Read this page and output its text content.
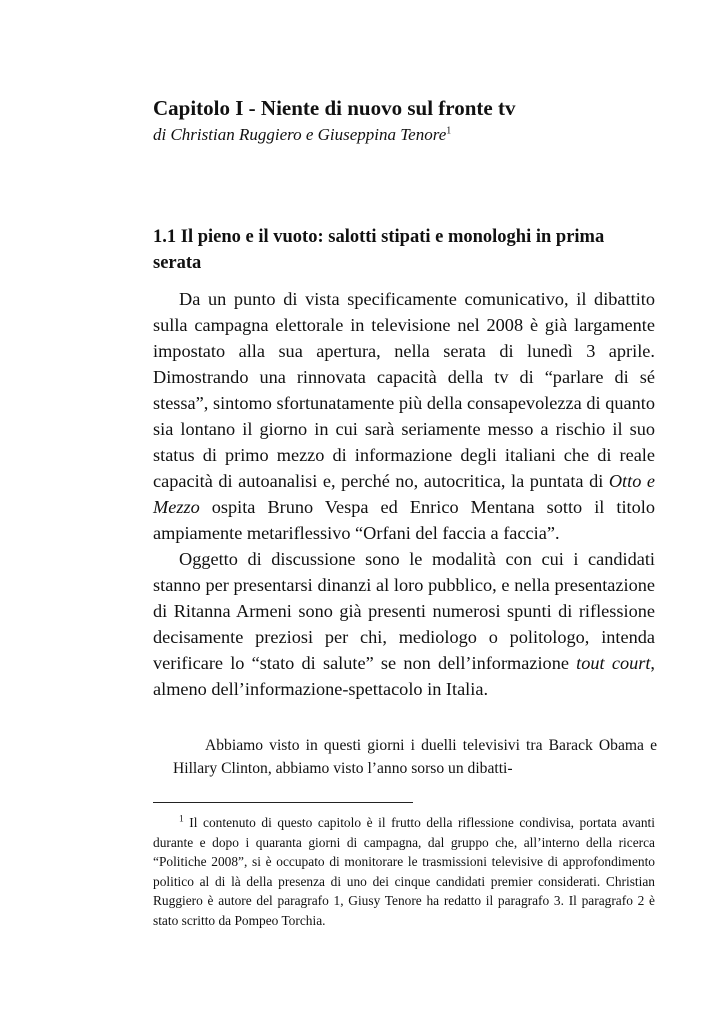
Capitolo I - Niente di nuovo sul fronte tv
di Christian Ruggiero e Giuseppina Tenore$^1$
1.1 Il pieno e il vuoto: salotti stipati e monologhi in prima serata

Da un punto di vista specificamente comunicativo, il dibattito sulla campagna elettorale in televisione nel 2008 è già largamente impostato alla sua apertura, nella serata di lunedì 3 aprile. Dimostrando una rinnovata capacità della tv di “parlare di sé stessa”, sintomo sfortunatamente più della consapevolezza di quanto sia lontano il giorno in cui sarà seriamente messo a rischio il suo status di primo mezzo di informazione degli italiani che di reale capacità di autoanalisi e, perché no, autocritica, la puntata di Otto e Mezzo ospita Bruno Vespa ed Enrico Mentana sotto il titolo ampiamente metariflessivo “Orfani del faccia a faccia”.

Oggetto di discussione sono le modalità con cui i candidati stanno per presentarsi dinanzi al loro pubblico, e nella presentazione di Ritanna Armeni sono già presenti numerosi spunti di riflessione decisamente preziosi per chi, mediologo o politologo, intenda verificare lo “stato di salute” se non dell’informazione tout court, almeno dell’informazione-spettacolo in Italia.

Abbiamo visto in questi giorni i duelli televisivi tra Barack Obama e Hillary Clinton, abbiamo visto l’anno sorso un dibatti-

$^1$ Il contenuto di questo capitolo è il frutto della riflessione condivisa, portata avanti durante e dopo i quaranta giorni di campagna, dal gruppo che, all’interno della ricerca “Politiche 2008”, si è occupato di monitorare le trasmissioni televisive di approfondimento politico al di là della presenza di uno dei cinque candidati premier considerati. Christian Ruggiero è autore del paragrafo 1, Giusy Tenore ha redatto il paragrafo 3. Il paragrafo 2 è stato scritto da Pompeo Torchia.
